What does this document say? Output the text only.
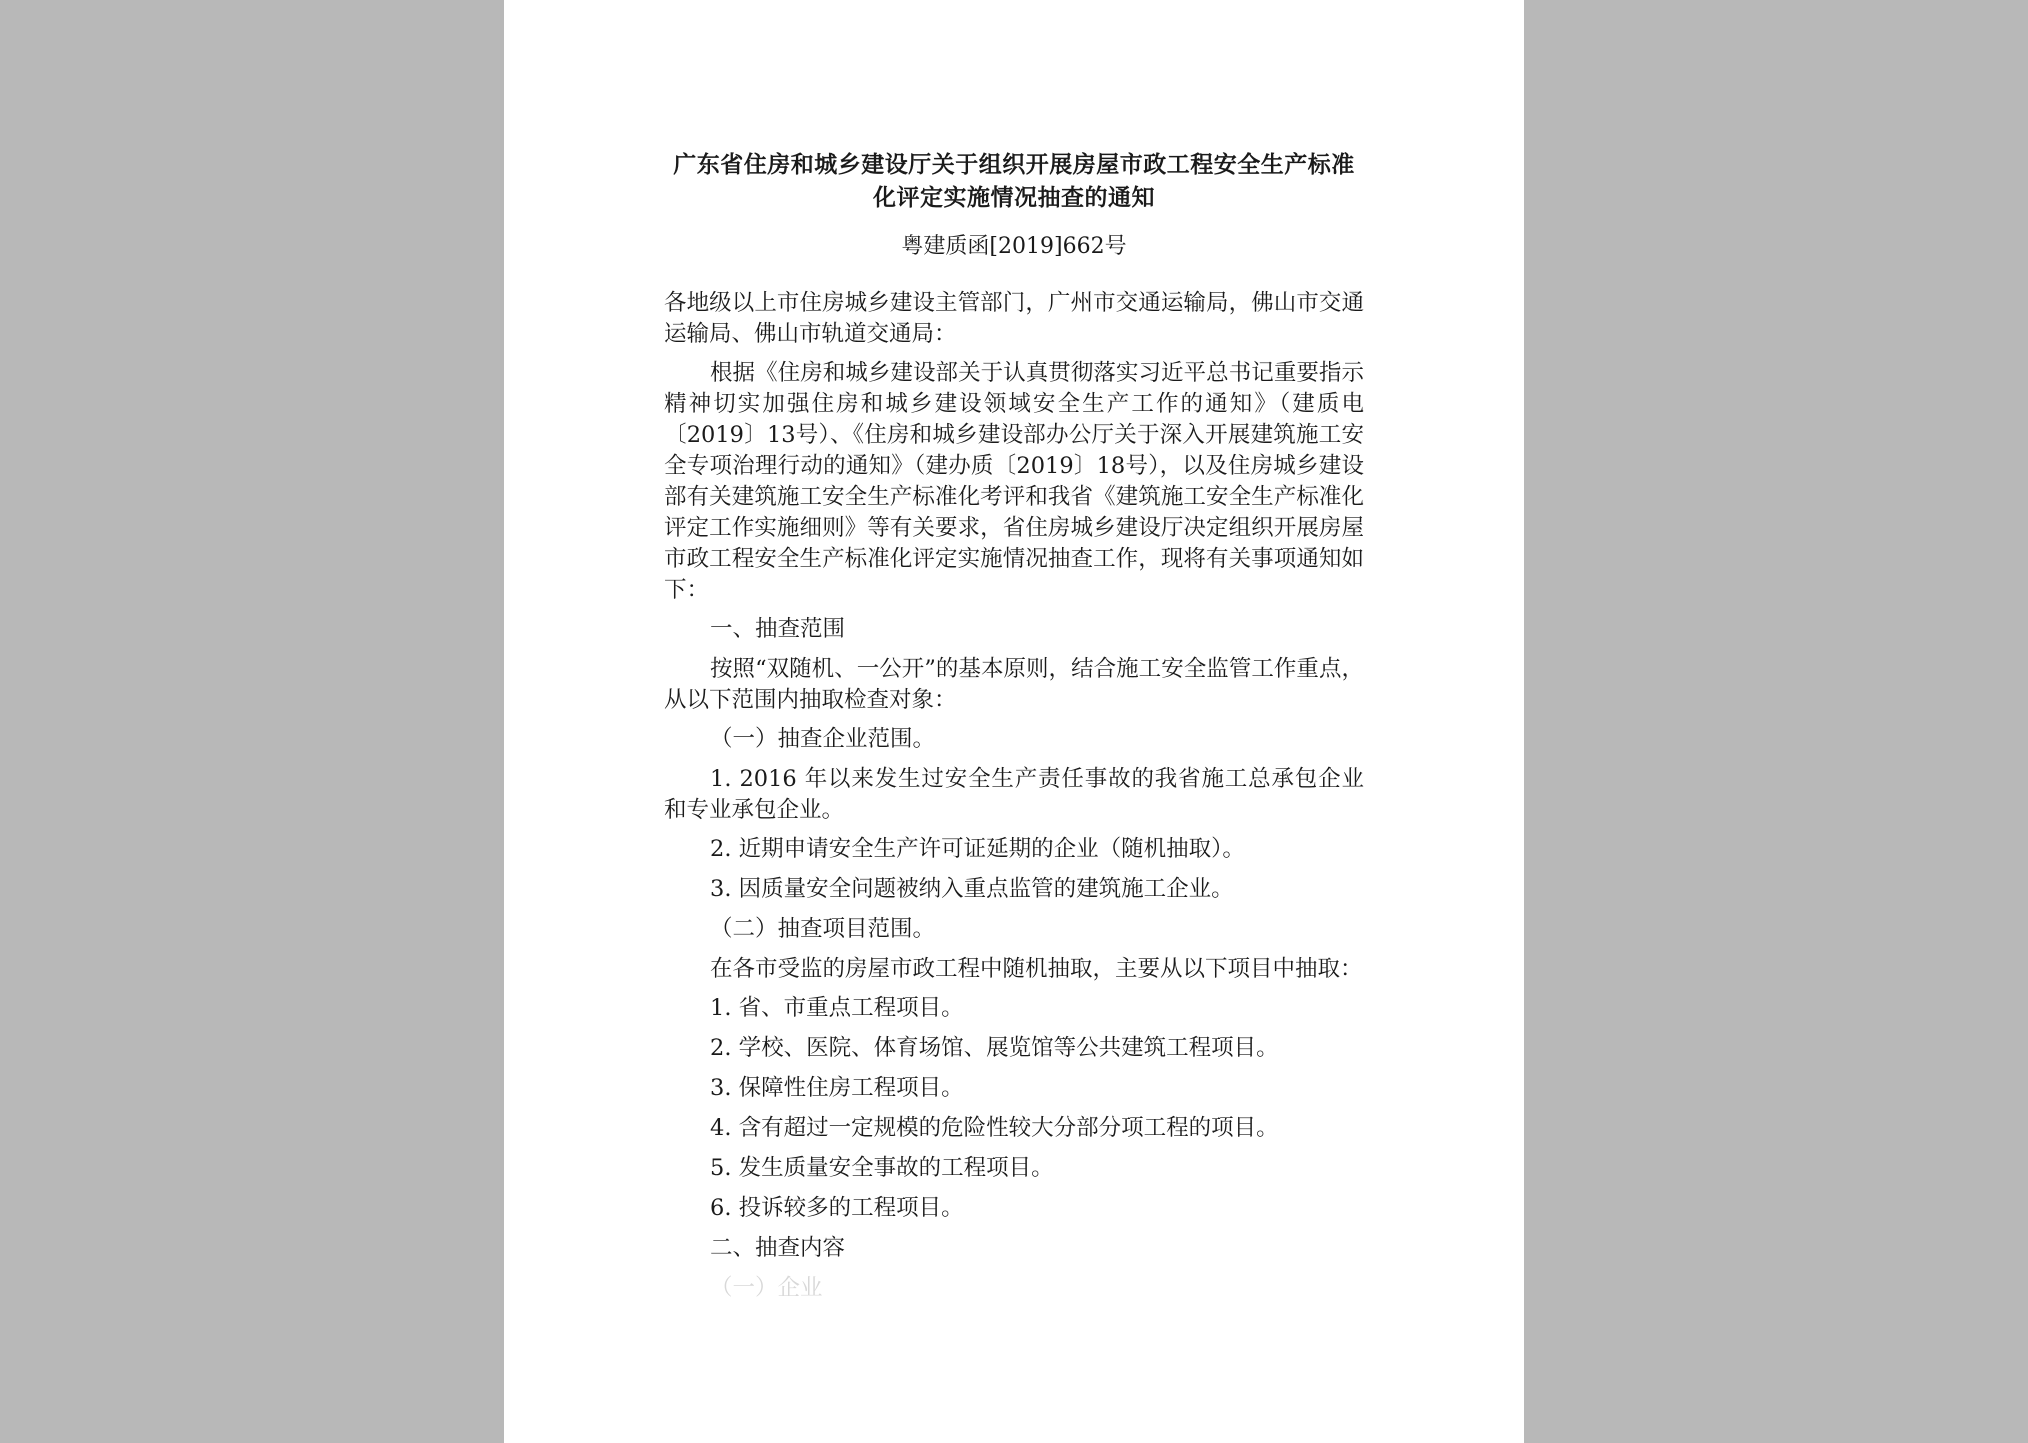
广东省住房和城乡建设厅关于组织开展房屋市政工程安全生产标准
化评定实施情况抽查的通知
粤建质函[2019]662号

各地级以上市住房城乡建设主管部门，广州市交通运输局，佛山市交通运输局、佛山市轨道交通局：

根据《住房和城乡建设部关于认真贯彻落实习近平总书记重要指示精神切实加强住房和城乡建设领域安全生产工作的通知》（建质电〔2019〕13号）、《住房和城乡建设部办公厅关于深入开展建筑施工安全专项治理行动的通知》（建办质〔2019〕18号），以及住房城乡建设部有关建筑施工安全生产标准化考评和我省《建筑施工安全生产标准化评定工作实施细则》等有关要求，省住房城乡建设厅决定组织开展房屋市政工程安全生产标准化评定实施情况抽查工作，现将有关事项通知如下：

一、抽查范围

按照“双随机、一公开”的基本原则，结合施工安全监管工作重点，从以下范围内抽取检查对象：

（一）抽查企业范围。

1. 2016 年以来发生过安全生产责任事故的我省施工总承包企业和专业承包企业。

2. 近期申请安全生产许可证延期的企业（随机抽取）。

3. 因质量安全问题被纳入重点监管的建筑施工企业。

（二）抽查项目范围。

在各市受监的房屋市政工程中随机抽取，主要从以下项目中抽取：

1. 省、市重点工程项目。

2. 学校、医院、体育场馆、展览馆等公共建筑工程项目。

3. 保障性住房工程项目。

4. 含有超过一定规模的危险性较大分部分项工程的项目。

5. 发生质量安全事故的工程项目。

6. 投诉较多的工程项目。

二、抽查内容

（一）企业
